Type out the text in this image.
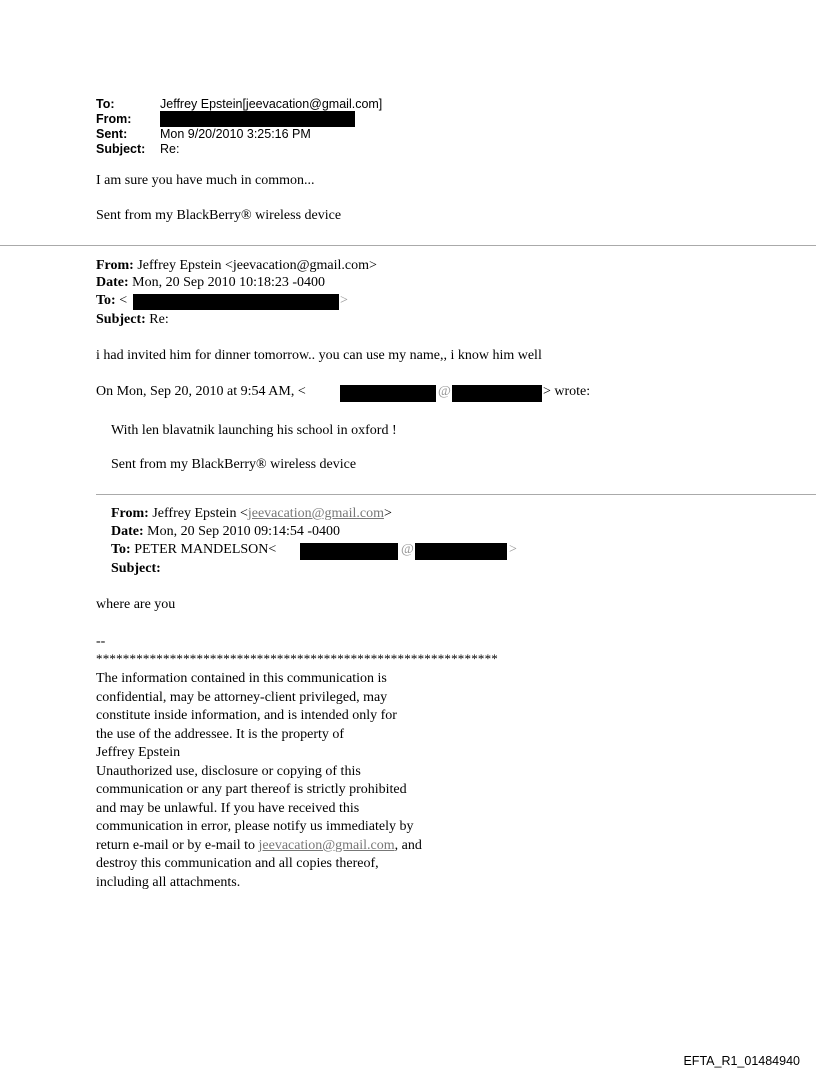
To:	Jeffrey Epstein[jeevacation@gmail.com]
From:
Sent:	Mon 9/20/2010 3:25:16 PM
Subject: Re:
I am sure you have much in common...
Sent from my BlackBerry® wireless device
From: Jeffrey Epstein <jeevacation@gmail.com>
Date: Mon, 20 Sep 2010 10:18:23 -0400
To: <	>
Subject: Re:
i had invited him for dinner tomorrow.. you can use my name,, i know him well
On Mon, Sep 20, 2010 at 9:54 AM, <	@	> wrote:
With len blavatnik launching his school in oxford !
Sent from my BlackBerry® wireless device
From: Jeffrey Epstein <jeevacation@gmail.com>
Date: Mon, 20 Sep 2010 09:14:54 -0400
To: PETER MANDELSON<	@	>
Subject:
where are you
--
************************************************************
The information contained in this communication is
confidential, may be attorney-client privileged, may
constitute inside information, and is intended only for
the use of the addressee. It is the property of
Jeffrey Epstein
Unauthorized use, disclosure or copying of this
communication or any part thereof is strictly prohibited
and may be unlawful. If you have received this
communication in error, please notify us immediately by
return e-mail or by e-mail to jeevacation@gmail.com, and
destroy this communication and all copies thereof,
including all attachments.
EFTA_R1_01484940
